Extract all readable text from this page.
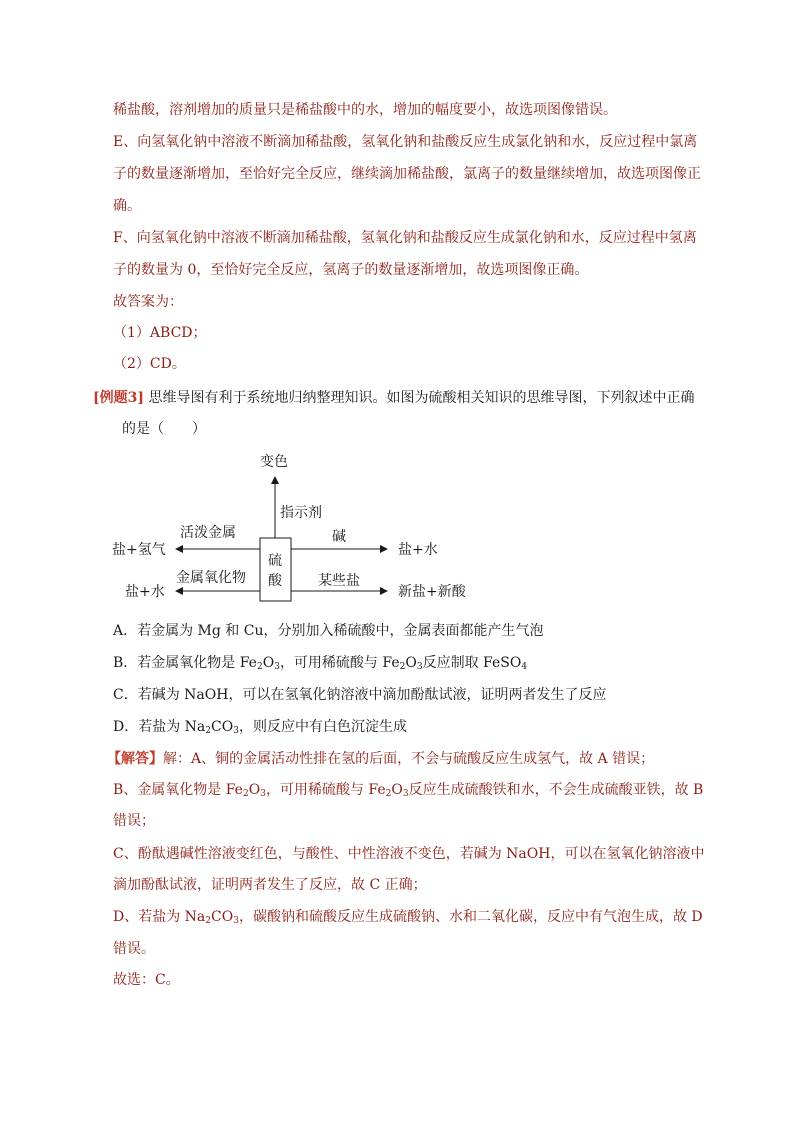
稀盐酸，溶剂增加的质量只是稀盐酸中的水，增加的幅度要小，故选项图像错误。
E、向氢氧化钠中溶液不断滴加稀盐酸，氢氧化钠和盐酸反应生成氯化钠和水，反应过程中氯离
子的数量逐渐增加，至恰好完全反应，继续滴加稀盐酸，氯离子的数量继续增加，故选项图像正
确。
F、向氢氧化钠中溶液不断滴加稀盐酸，氢氧化钠和盐酸反应生成氯化钠和水，反应过程中氢离
子的数量为 0，至恰好完全反应，氢离子的数量逐渐增加，故选项图像正确。
故答案为：
（1）ABCD；
（2）CD。
[例题3] 思维导图有利于系统地归纳整理知识。如图为硫酸相关知识的思维导图，下列叙述中正确
的是（　　）
硫
酸
变色
指示剂
活泼金属
盐+氢气
金属氧化物
盐+水
碱
盐+水
某些盐
新盐+新酸
A．若金属为 Mg 和 Cu，分别加入稀硫酸中，金属表面都能产生气泡
B．若金属氧化物是 $Fe_2O_3$，可用稀硫酸与 $Fe_2O_3$反应制取 FeSO$_4$
C．若碱为 NaOH，可以在氢氧化钠溶液中滴加酚酞试液，证明两者发生了反应
D．若盐为 $Na_2CO_3$，则反应中有白色沉淀生成
【解答】解：A、铜的金属活动性排在氢的后面，不会与硫酸反应生成氢气，故 A 错误；
B、金属氧化物是 $Fe_2O_3$，可用稀硫酸与 $Fe_2O_3$反应生成硫酸铁和水，不会生成硫酸亚铁，故 B
错误；
C、酚酞遇碱性溶液变红色，与酸性、中性溶液不变色，若碱为 NaOH，可以在氢氧化钠溶液中
滴加酚酞试液，证明两者发生了反应，故 C 正确；
D、若盐为 $Na_2CO_3$，碳酸钠和硫酸反应生成硫酸钠、水和二氧化碳，反应中有气泡生成，故 D
错误。
故选：C。
